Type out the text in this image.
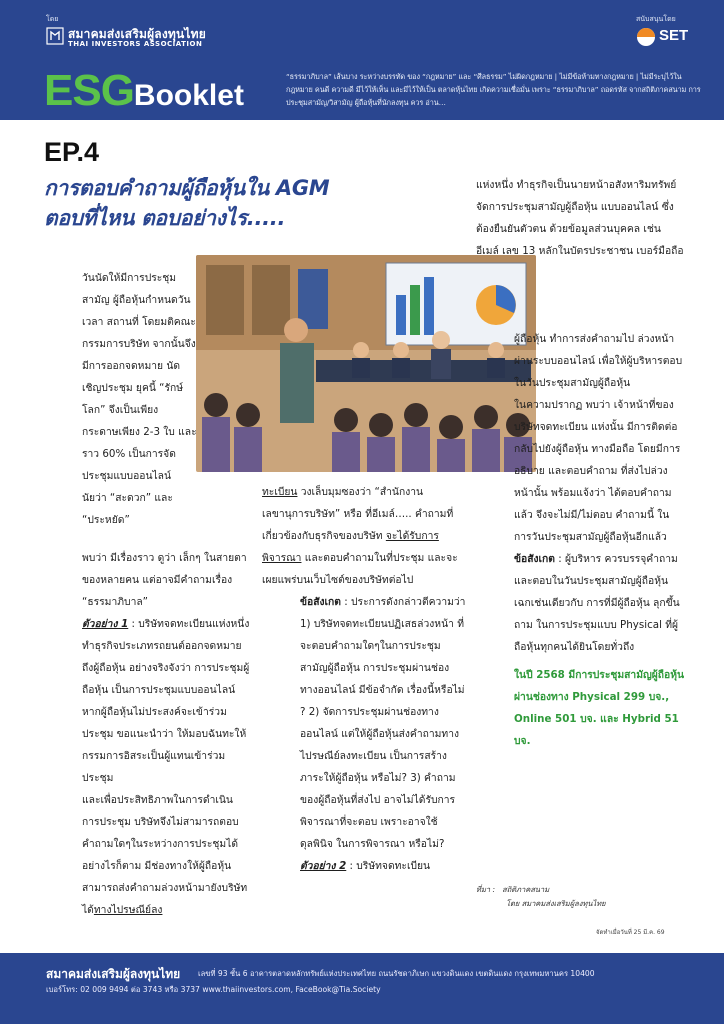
โดย
สมาคมส่งเสริมผู้ลงทุนไทย
THAI INVESTORS ASSOCIATION
สนับสนุนโดย
SET
ESGBooklet
“ธรรมาภิบาล” เส้นบาง ระหว่างบรรทัด ของ “กฎหมาย” และ “ศีลธรรม” ไม่ผิดกฎหมาย | ไม่มีข้อห้ามทางกฎหมาย | ไม่มีระบุไว้ในกฎหมาย คนดี ความดี มีไว้ให้เห็น และมีไว้ให้เป็น ตลาดหุ้นไทย เกิดความเชื่อมั่น เพราะ “ธรรมาภิบาล” ถอดรหัส จากสถิติภาคสนาม การประชุมสามัญ/วิสามัญ ผู้ถือหุ้นที่นักลงทุน ควร อ่าน…
EP.4
การตอบคำถามผู้ถือหุ้นใน AGM
ตอบที่ไหน ตอบอย่างไร.....

วันนัดให้มีการประชุมสามัญ ผู้ถือหุ้นกำหนดวัน เวลา สถานที่ โดยมติคณะกรรมการบริษัท จากนั้นจึงมีการออกจดหมาย นัดเชิญประชุม ยุคนี้ “รักษ์โลก” จึงเป็นเพียง กระดาษเพียง 2-3 ใบ และราว 60% เป็นการจัดประชุมแบบออนไลน์ นัยว่า “สะดวก” และ “ประหยัด”

พบว่า มีเรื่องราว ดูว่า เล็กๆ ในสายตาของหลายคน แต่อาจมีคำถามเรื่อง “ธรรมาภิบาล”

ตัวอย่าง 1 : บริษัทจดทะเบียนแห่งหนึ่ง ทำธุรกิจประเภทรถยนต์ออกจดหมายถึงผู้ถือหุ้น อย่างจริงจังว่า การประชุมผู้ถือหุ้น เป็นการประชุมแบบออนไลน์ หากผู้ถือหุ้นไม่ประสงค์จะเข้าร่วมประชุม ขอแนะนำว่า ให้มอบฉันทะให้กรรมการอิสระเป็นผู้แทนเข้าร่วมประชุม

และเพื่อประสิทธิภาพในการดำเนินการประชุม บริษัทจึงไม่สามารถตอบคำถามใดๆในระหว่างการประชุมได้ อย่างไรก็ตาม มีช่องทางให้ผู้ถือหุ้นสามารถส่งคำถามล่วงหน้ามายังบริษัทได้ทางไปรษณีย์ลง

ทะเบียน วงเล็บมุมซองว่า “สำนักงานเลขานุการบริษัท” หรือ ที่อีเมล์….. คำถามที่เกี่ยวข้องกับธุรกิจของบริษัท จะได้รับการพิจารณา และตอบคำถามในที่ประชุม และจะเผยแพร่บนเว็บไซต์ของบริษัทต่อไป

ข้อสังเกต : ประการดังกล่าวตีความว่า 1) บริษัทจดทะเบียนปฏิเสธล่วงหน้า ที่จะตอบคำถามใดๆในการประชุมสามัญผู้ถือหุ้น การประชุมผ่านช่องทางออนไลน์ มีข้อจำกัด เรื่องนี้หรือไม่ ? 2) จัดการประชุมผ่านช่องทางออนไลน์ แต่ให้ผู้ถือหุ้นส่งคำถามทางไปรษณีย์ลงทะเบียน เป็นการสร้างภาระให้ผู้ถือหุ้น หรือไม่? 3) คำถามของผู้ถือหุ้นที่ส่งไป อาจไม่ได้รับการพิจารณาที่จะตอบ เพราะอาจใช้ดุลพินิจ ในการพิจารณา หรือไม่?

ตัวอย่าง 2 : บริษัทจดทะเบียน

แห่งหนึ่ง ทำธุรกิจเป็นนายหน้าอสังหาริมทรัพย์ จัดการประชุมสามัญผู้ถือหุ้น แบบออนไลน์ ซึ่งต้องยืนยันตัวตน ด้วยข้อมูลส่วนบุคคล เช่น อีเมล์ เลข 13 หลักในบัตรประชาชน เบอร์มือถือ

ผู้ถือหุ้น ทำการส่งคำถามไป ล่วงหน้าผ่านระบบออนไลน์ เพื่อให้ผู้บริหารตอบ ในวันประชุมสามัญผู้ถือหุ้น

ในความปรากฏ พบว่า เจ้าหน้าที่ของบริษัทจดทะเบียน แห่งนั้น มีการติดต่อกลับไปยังผู้ถือหุ้น ทางมือถือ โดยมีการอธิบาย และตอบคำถาม ที่ส่งไปล่วงหน้านั้น พร้อมแจ้งว่า ได้ตอบคำถามแล้ว จึงจะไม่มี/ไม่ตอบ คำถามนี้ ในการวันประชุมสามัญผู้ถือหุ้นอีกแล้ว

ข้อสังเกต : ผู้บริหาร ควรบรรจุคำถาม และตอบในวันประชุมสามัญผู้ถือหุ้น เฉกเช่นเดียวกับ การที่มีผู้ถือหุ้น ลุกขึ้นถาม ในการประชุมแบบ Physical ที่ผู้ถือหุ้นทุกคนได้ยินโดยทั่วถึง

ในปี 2568 มีการประชุมสามัญผู้ถือหุ้น ผ่านช่องทาง Physical 299 บจ., Online 501 บจ. และ Hybrid 51 บจ.

ที่มา : สถิติภาคสนาม
โดย สมาคมส่งเสริมผู้ลงทุนไทย
จัดทำเมื่อวันที่ 25 มี.ค. 69
สมาคมส่งเสริมผู้ลงทุนไทย เลขที่ 93 ชั้น 6 อาคารตลาดหลักทรัพย์แห่งประเทศไทย ถนนรัชดาภิเษก แขวงดินแดง เขตดินแดง กรุงเทพมหานคร 10400
เบอร์โทร: 02 009 9494 ต่อ 3743 หรือ 3737 www.thaiinvestors.com, FaceBook@Tia.Society
